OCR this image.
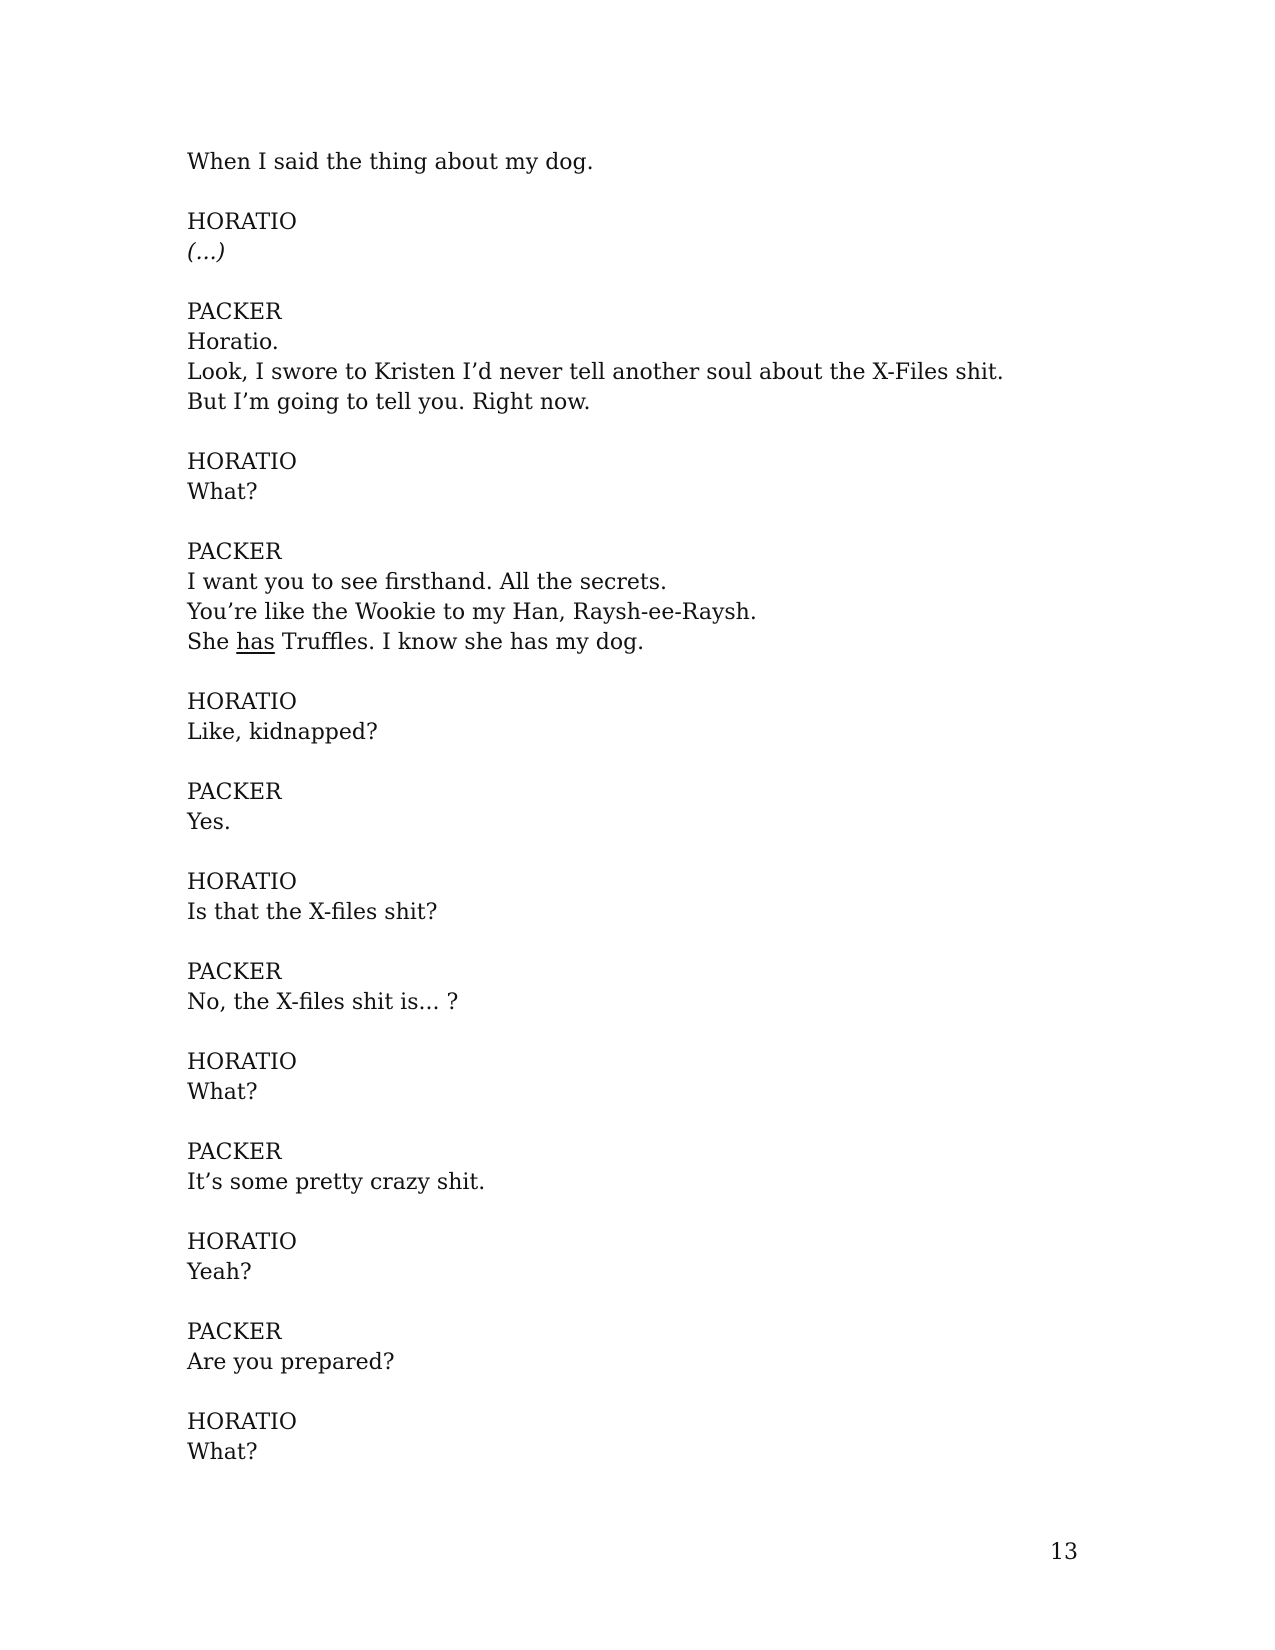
When I said the thing about my dog.
HORATIO
(...)
PACKER
Horatio.
Look, I swore to Kristen I’d never tell another soul about the X-Files shit.
But I’m going to tell you. Right now.
HORATIO
What?
PACKER
I want you to see firsthand. All the secrets.
You’re like the Wookie to my Han, Raysh-ee-Raysh.
She has Truffles. I know she has my dog.
HORATIO
Like, kidnapped?
PACKER
Yes.
HORATIO
Is that the X-files shit?
PACKER
No, the X-files shit is... ?
HORATIO
What?
PACKER
It’s some pretty crazy shit.
HORATIO
Yeah?
PACKER
Are you prepared?
HORATIO
What?
13
